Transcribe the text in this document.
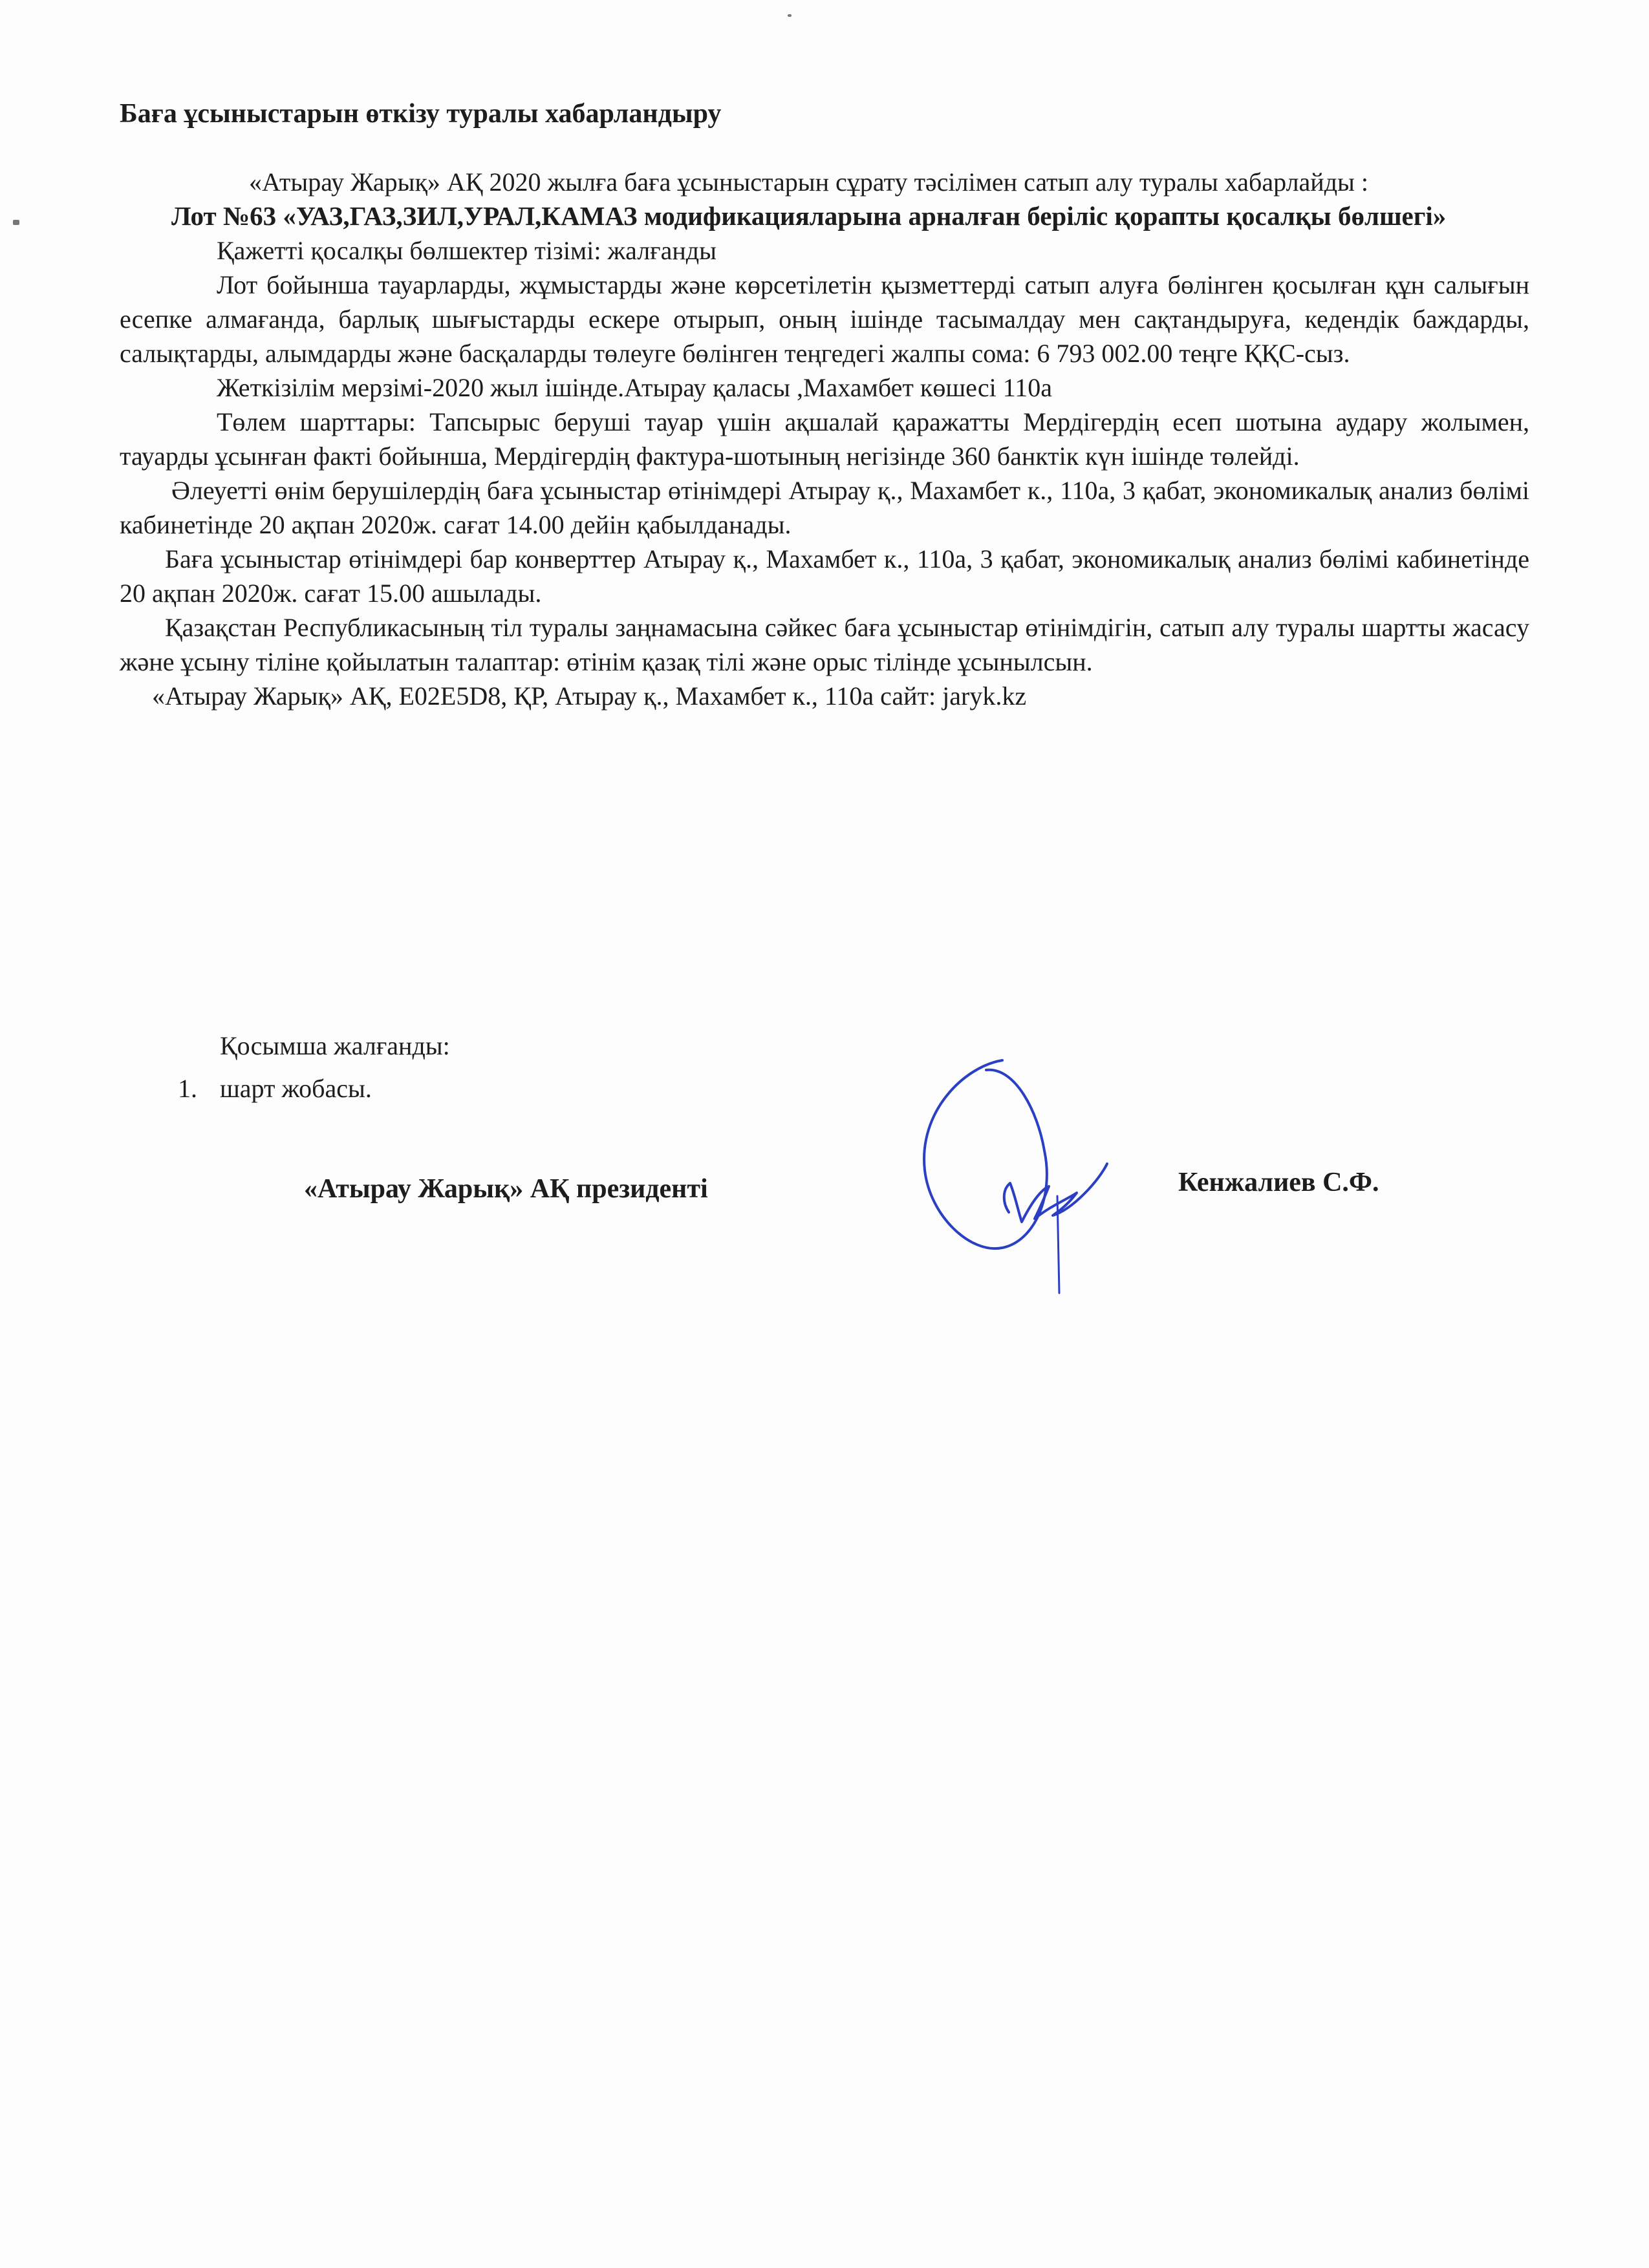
Баға ұсыныстарын өткізу туралы хабарландыру

«Атырау Жарық» АҚ 2020 жылға баға ұсыныстарын сұрату тәсілімен сатып алу туралы хабарлайды :

Лот №63 «УАЗ,ГАЗ,ЗИЛ,УРАЛ,КАМАЗ модификацияларына арналған беріліс қорапты қосалқы бөлшегі»

Қажетті қосалқы бөлшектер тізімі: жалғанды

Лот бойынша тауарларды, жұмыстарды және көрсетілетін қызметтерді сатып алуға бөлінген қосылған құн салығын есепке алмағанда, барлық шығыстарды ескере отырып, оның ішінде тасымалдау мен сақтандыруға, кедендік баждарды, салықтарды, алымдарды және басқаларды төлеуге бөлінген теңгедегі жалпы сома: 6 793 002.00 теңге ҚҚС-сыз.

Жеткізілім мерзімі-2020 жыл ішінде.Атырау қаласы ,Махамбет көшесі 110а

Төлем шарттары: Тапсырыс беруші тауар үшін ақшалай қаражатты Мердігердің есеп шотына аудару жолымен, тауарды ұсынған факті бойынша, Мердігердің фактура-шотының негізінде 360 банктік күн ішінде төлейді.

Әлеуетті өнім берушілердің баға ұсыныстар өтінімдері Атырау қ., Махамбет к., 110а, 3 қабат, экономикалық анализ бөлімі кабинетінде 20 ақпан 2020ж. сағат 14.00 дейін қабылданады.

Баға ұсыныстар өтінімдері бар конверттер Атырау қ., Махамбет к., 110а, 3 қабат, экономикалық анализ бөлімі кабинетінде 20 ақпан 2020ж. сағат 15.00 ашылады.

Қазақстан Республикасының тіл туралы заңнамасына сәйкес баға ұсыныстар өтінімдігін, сатып алу туралы шартты жасасу және ұсыну тіліне қойылатын талаптар: өтінім қазақ тілі және орыс тілінде ұсынылсын.

«Атырау Жарық» АҚ, E02E5D8, ҚР, Атырау қ., Махамбет к., 110а сайт: jaryk.kz

Қосымша жалғанды:
1. шарт жобасы.
«Атырау Жарық» АҚ президенті	Кенжалиев С.Ф.
